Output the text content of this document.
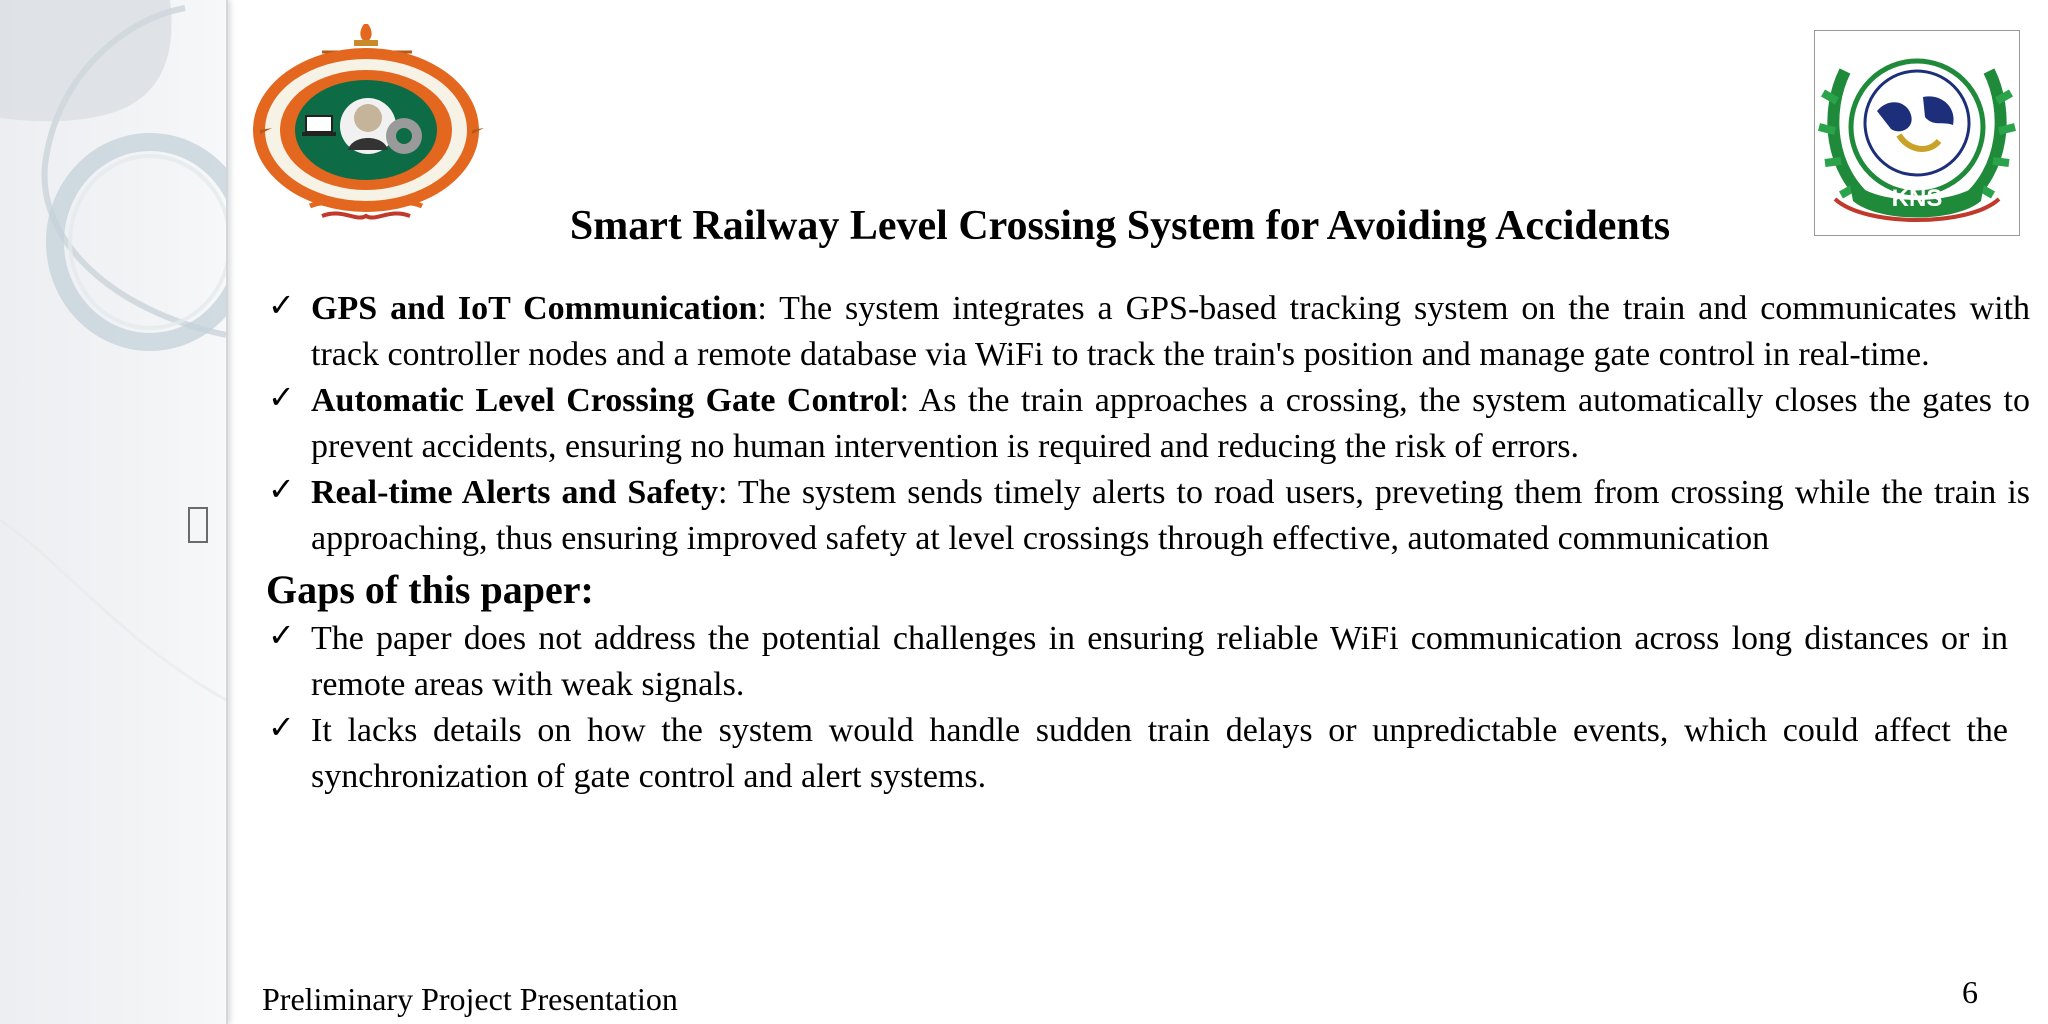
KNS
Smart Railway Level Crossing System for Avoiding Accidents
✓ GPS and IoT Communication: The system integrates a GPS-based tracking system on the train and communicates with track controller nodes and a remote database via WiFi to track the train's position and manage gate control in real-time.
✓ Automatic Level Crossing Gate Control: As the train approaches a crossing, the system automatically closes the gates to prevent accidents, ensuring no human intervention is required and reducing the risk of errors.
✓ Real-time Alerts and Safety: The system sends timely alerts to road users, preveting them from crossing while the train is approaching, thus ensuring improved safety at level crossings through effective, automated communication
Gaps of this paper:
✓ The paper does not address the potential challenges in ensuring reliable WiFi communication across long distances or in remote areas with weak signals.
✓ It lacks details on how the system would handle sudden train delays or unpredictable events, which could affect the synchronization of gate control and alert systems.
Preliminary Project Presentation	6
